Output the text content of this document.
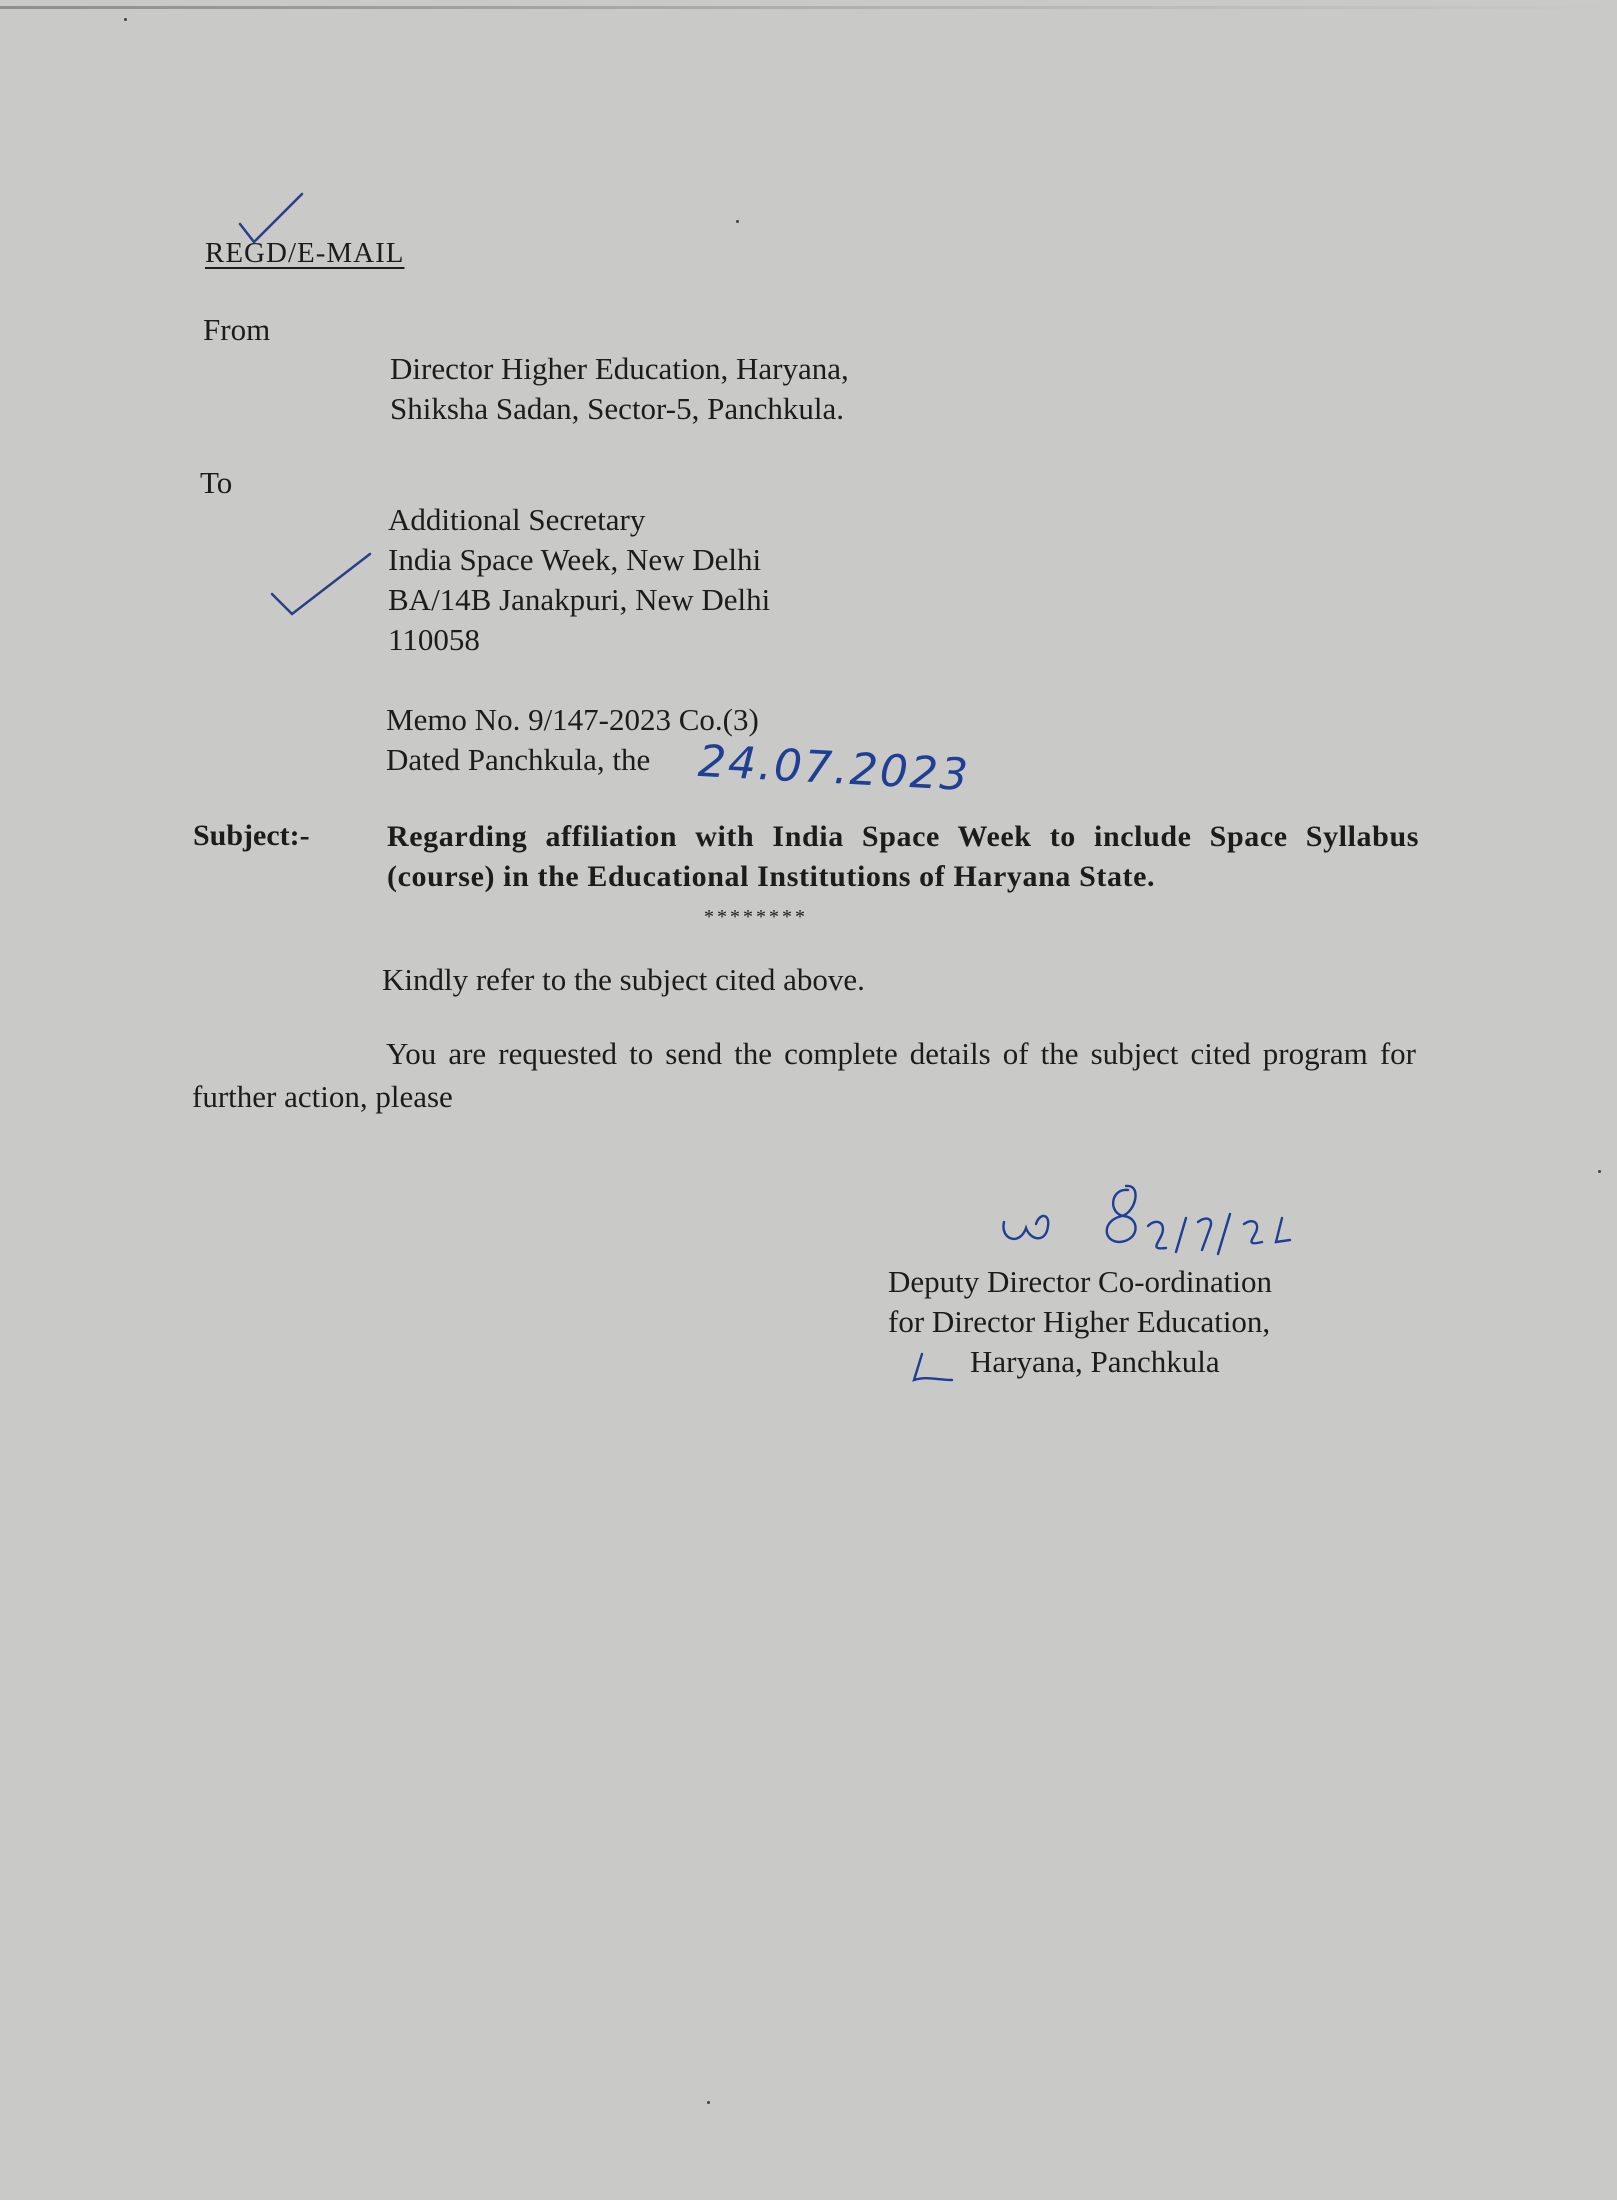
REGD/E-MAIL
From
Director Higher Education, Haryana,
Shiksha Sadan, Sector-5, Panchkula.
To
Additional Secretary
India Space Week, New Delhi
BA/14B Janakpuri, New Delhi
110058
Memo No. 9/147-2023 Co.(3)
Dated Panchkula, the	24.07.2023
Subject:-	Regarding affiliation with India Space Week to include Space Syllabus (course) in the Educational Institutions of Haryana State.
********
Kindly refer to the subject cited above.
You are requested to send the complete details of the subject cited program for further action, please
Deputy Director Co-ordination
for Director Higher Education,
Haryana, Panchkula
